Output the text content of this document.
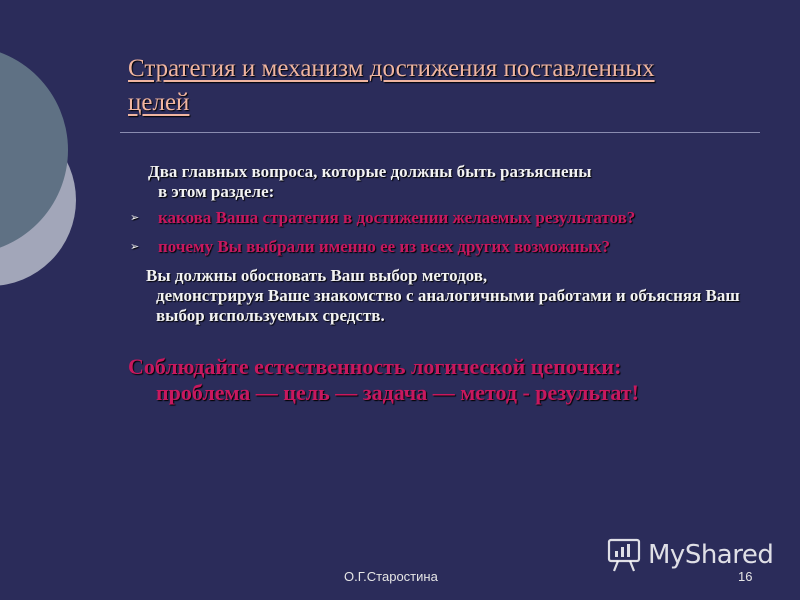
Стратегия и механизм достижения поставленных целей

Два главных вопроса, которые должны быть разъяснены
в этом разделе:

➢ какова Ваша стратегия в достижении желаемых результатов?
➢ почему Вы выбрали именно ее из всех других возможных?

Вы должны обосновать Ваш выбор методов,
демонстрируя Ваше знакомство с аналогичными работами и объясняя Ваш выбор используемых средств.

Соблюдайте естественность логической цепочки:
проблема — цель — задача — метод - результат!

О.Г.Старостина	16
MyShared
